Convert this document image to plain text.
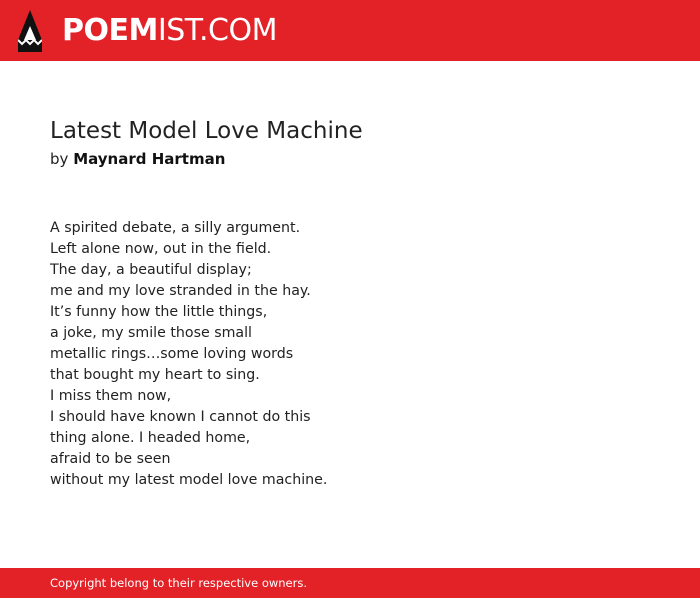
POEMIST.COM
Latest Model Love Machine
by Maynard Hartman
A spirited debate, a silly argument.
Left alone now, out in the field.
The day, a beautiful display;
me and my love stranded in the hay.
It’s funny how the little things,
a joke, my smile those small
metallic rings…some loving words
that bought my heart to sing.
I miss them now,
I should have known I cannot do this
thing alone. I headed home,
afraid to be seen
without my latest model love machine.
Copyright belong to their respective owners.
